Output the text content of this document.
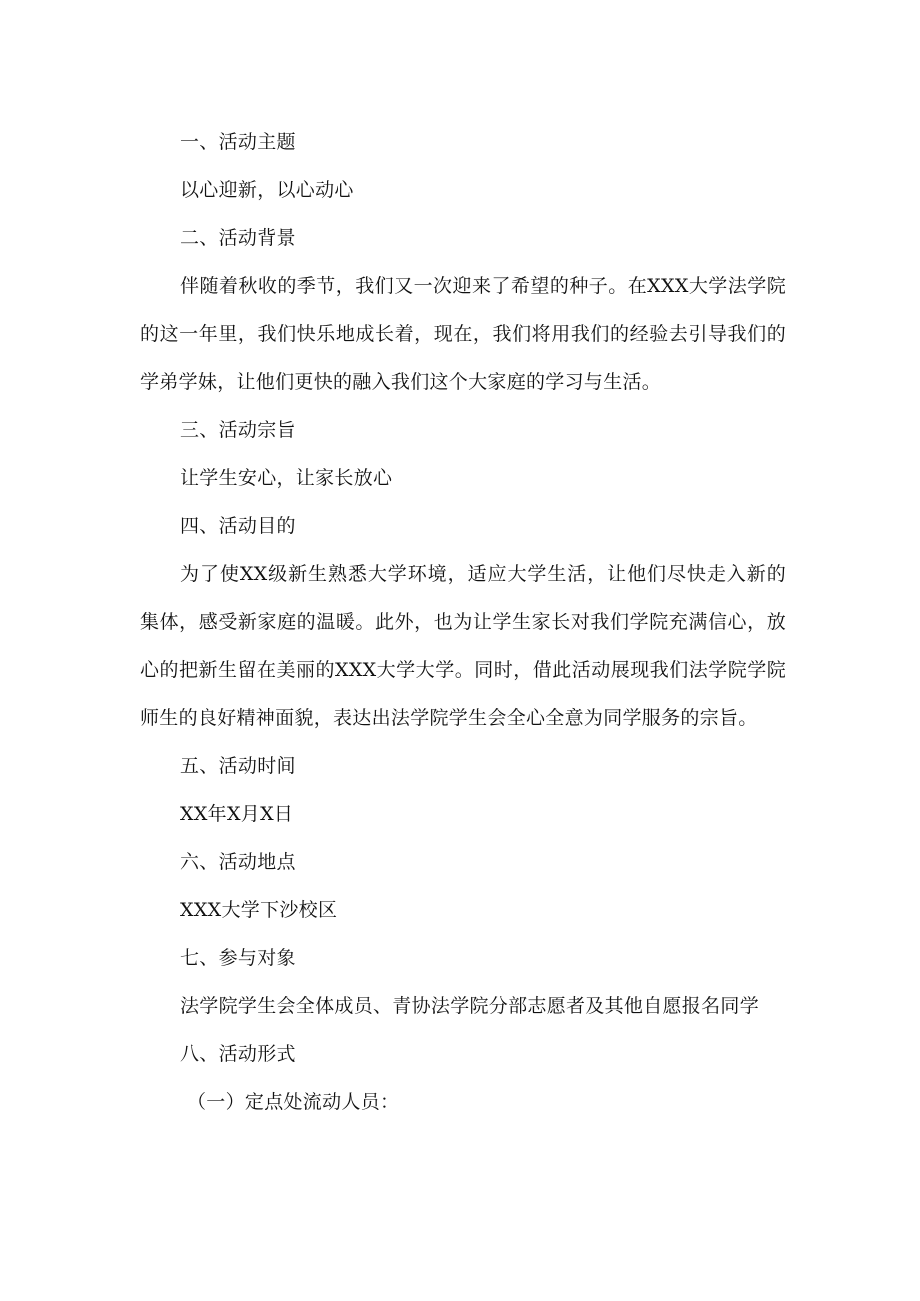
一、活动主题

以心迎新，以心动心

二、活动背景

伴随着秋收的季节，我们又一次迎来了希望的种子。在XXX大学法学院的这一年里，我们快乐地成长着，现在，我们将用我们的经验去引导我们的学弟学妹，让他们更快的融入我们这个大家庭的学习与生活。

三、活动宗旨

让学生安心，让家长放心

四、活动目的

为了使XX级新生熟悉大学环境，适应大学生活，让他们尽快走入新的集体，感受新家庭的温暖。此外，也为让学生家长对我们学院充满信心，放心的把新生留在美丽的XXX大学大学。同时，借此活动展现我们法学院学院师生的良好精神面貌，表达出法学院学生会全心全意为同学服务的宗旨。

五、活动时间

XX年X月X日

六、活动地点

XXX大学下沙校区

七、参与对象

法学院学生会全体成员、青协法学院分部志愿者及其他自愿报名同学

八、活动形式

（一）定点处流动人员：
